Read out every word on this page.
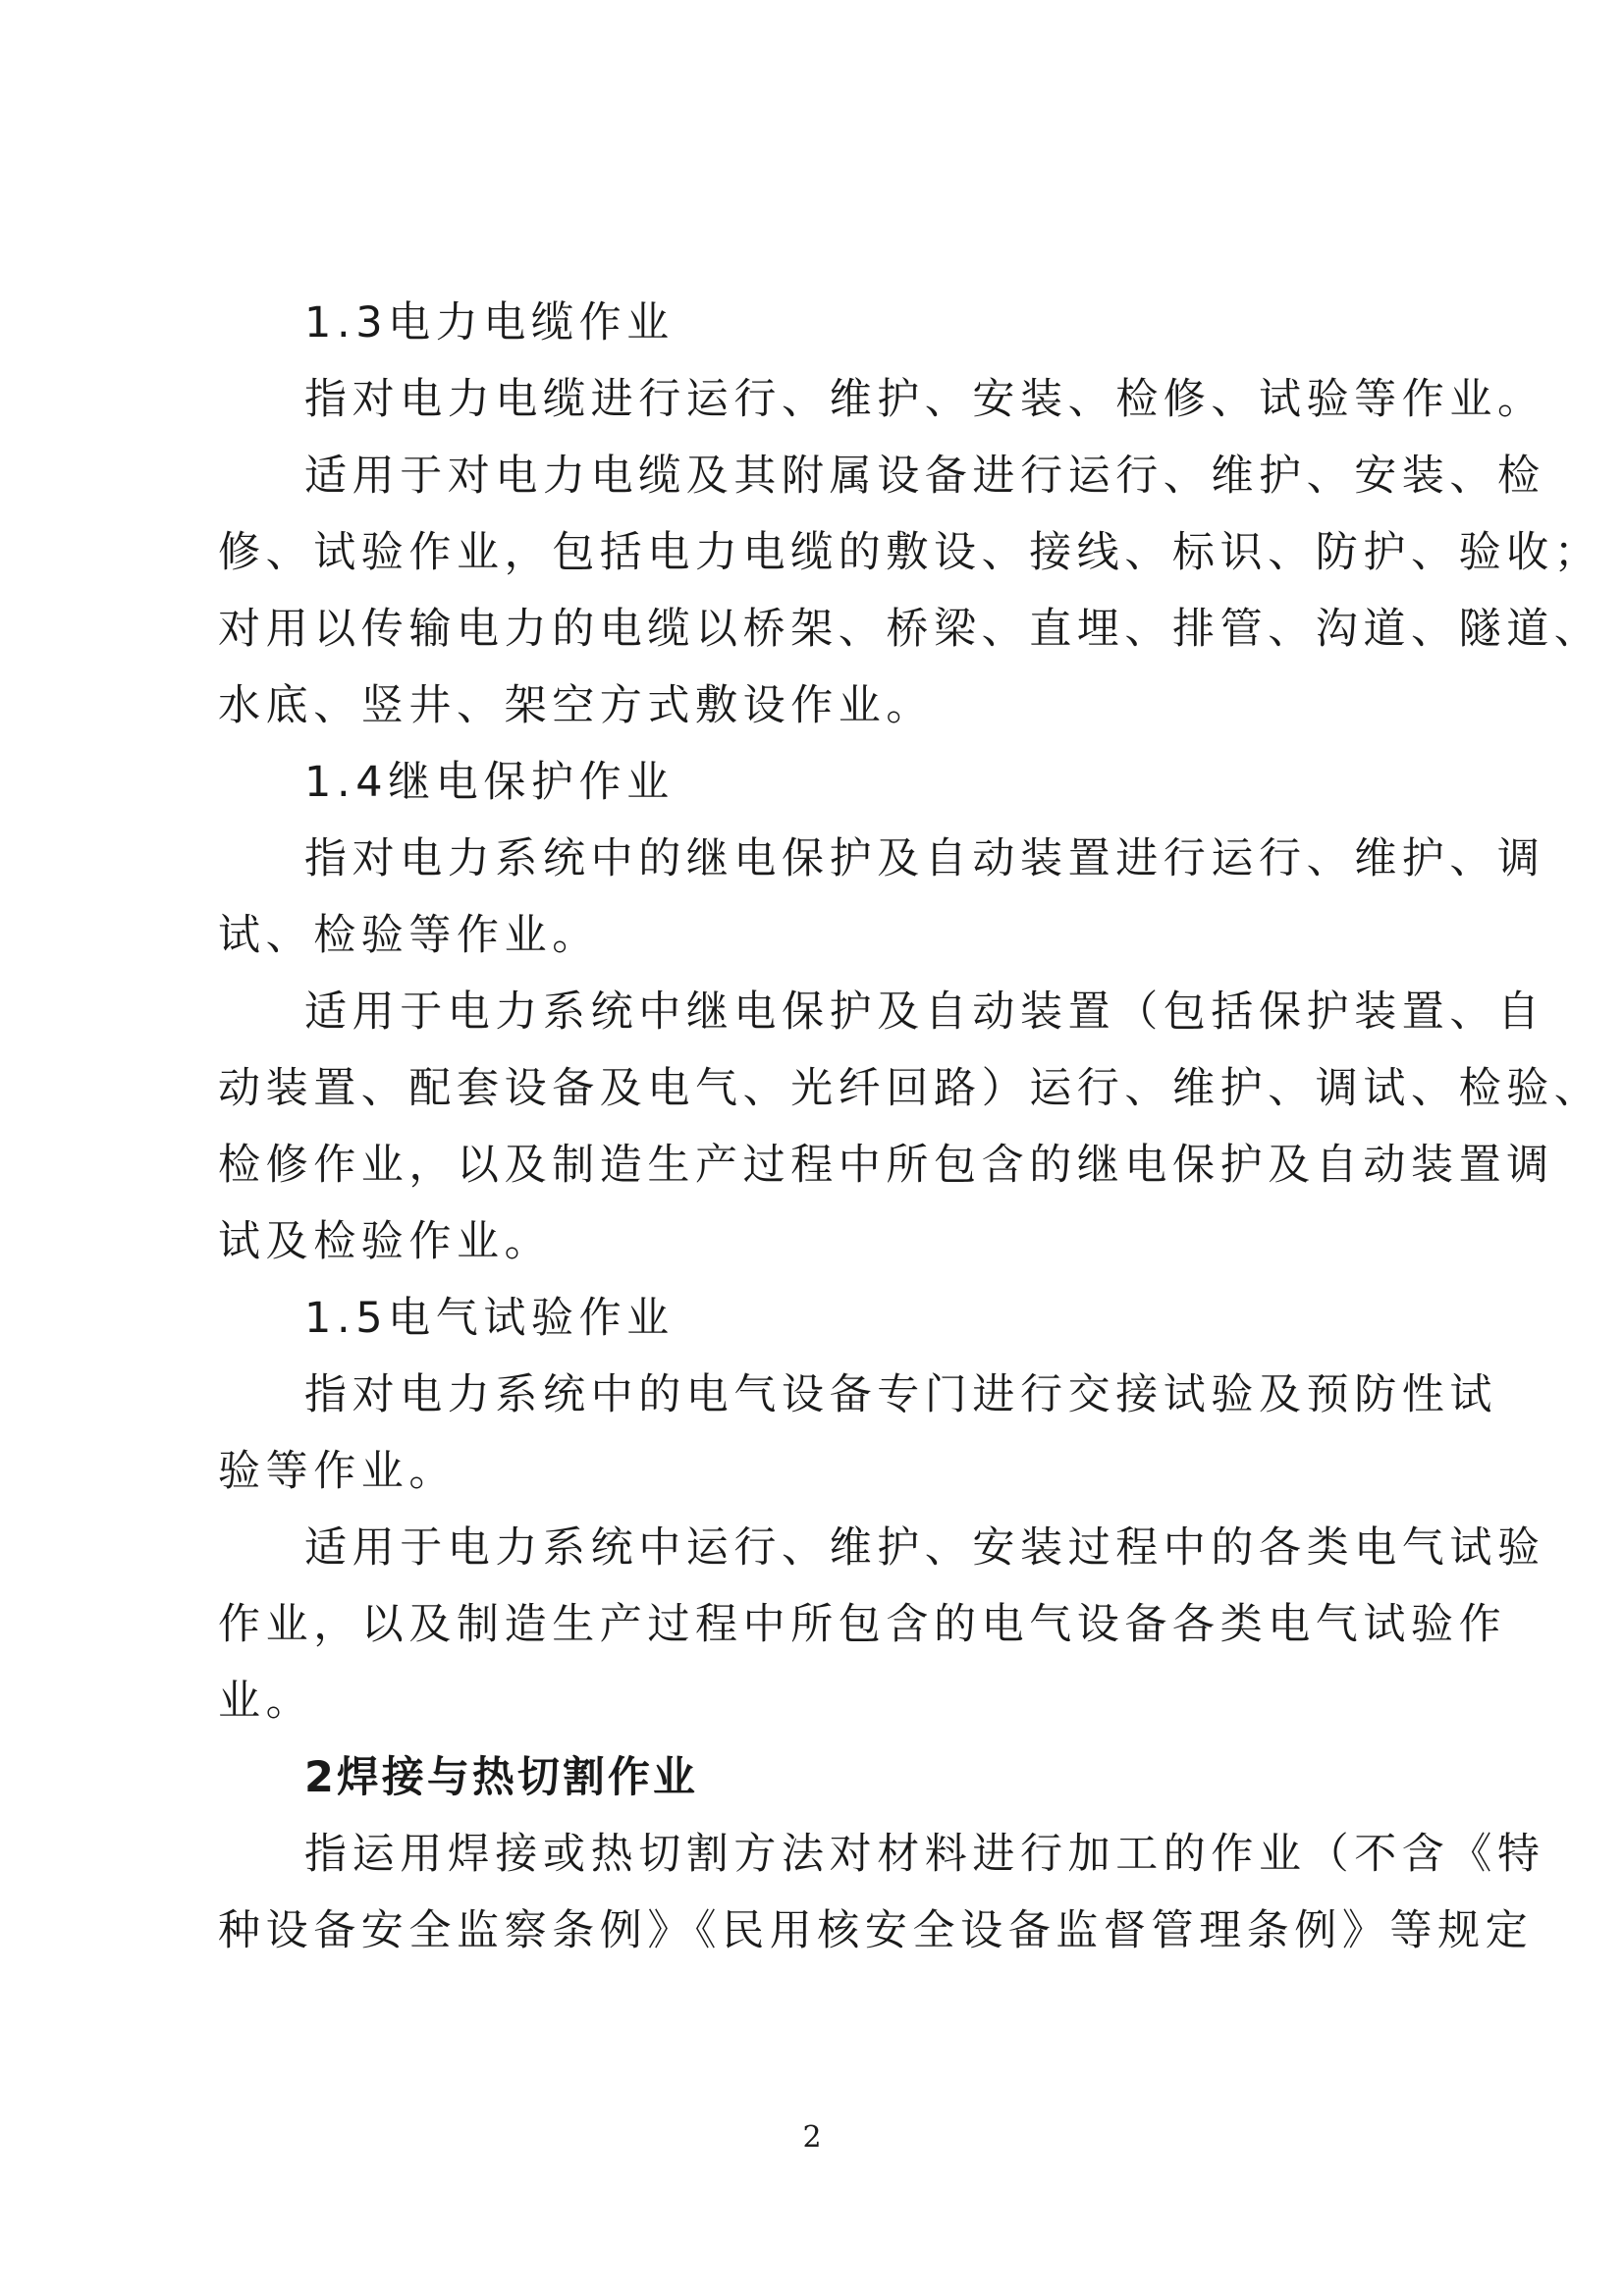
1.3电力电缆作业
指对电力电缆进行运行、维护、安装、检修、试验等作业。
适用于对电力电缆及其附属设备进行运行、维护、安装、检
修、试验作业，包括电力电缆的敷设、接线、标识、防护、验收；
对用以传输电力的电缆以桥架、桥梁、直埋、排管、沟道、隧道、
水底、竖井、架空方式敷设作业。
1.4继电保护作业
指对电力系统中的继电保护及自动装置进行运行、维护、调
试、检验等作业。
适用于电力系统中继电保护及自动装置（包括保护装置、自
动装置、配套设备及电气、光纤回路）运行、维护、调试、检验、
检修作业，以及制造生产过程中所包含的继电保护及自动装置调
试及检验作业。
1.5电气试验作业
指对电力系统中的电气设备专门进行交接试验及预防性试
验等作业。
适用于电力系统中运行、维护、安装过程中的各类电气试验
作业，以及制造生产过程中所包含的电气设备各类电气试验作
业。
2焊接与热切割作业
指运用焊接或热切割方法对材料进行加工的作业（不含《特
种设备安全监察条例》《民用核安全设备监督管理条例》等规定
2
